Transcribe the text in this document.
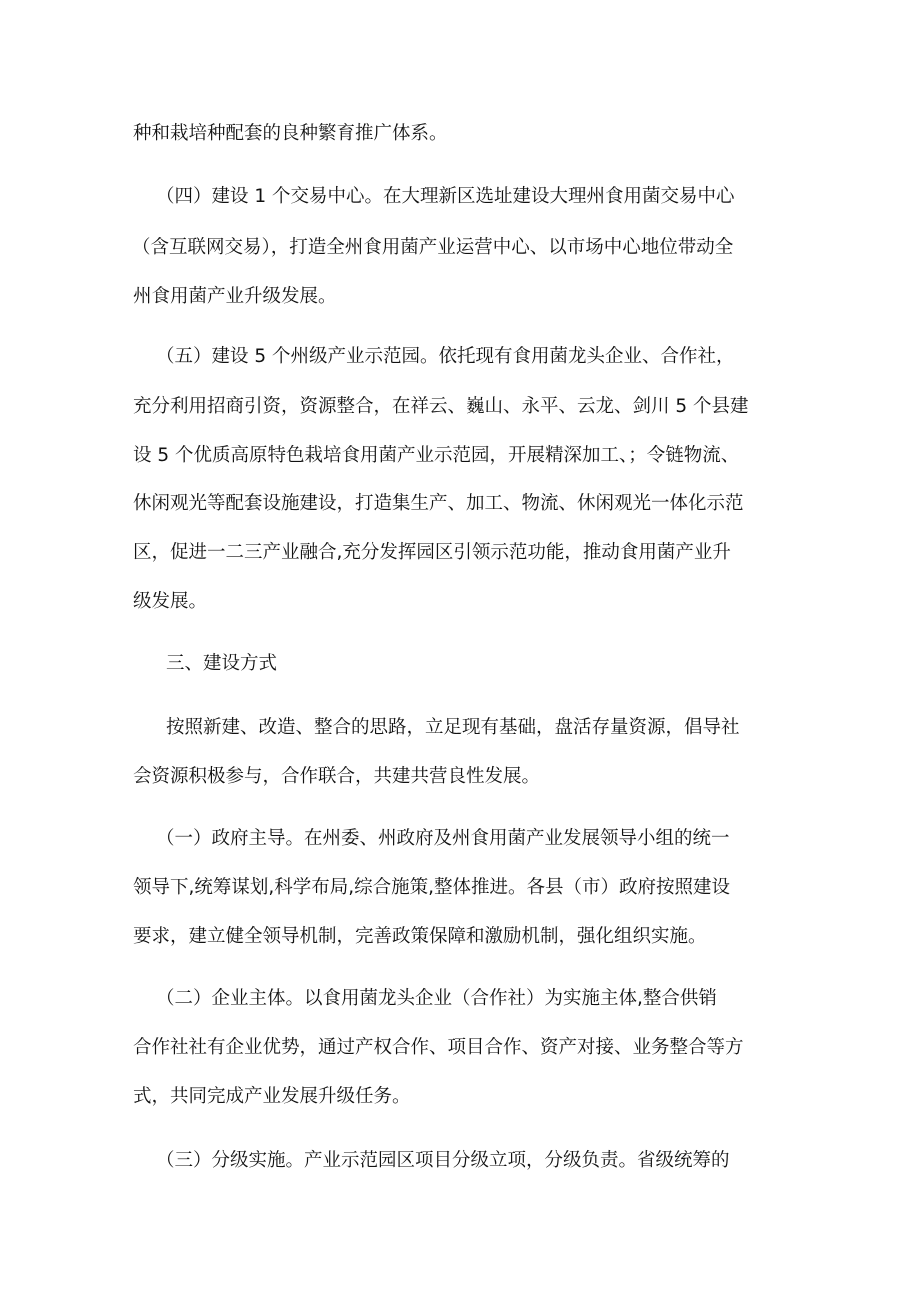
种和栽培种配套的良种繁育推广体系。
（四）建设 1 个交易中心。在大理新区选址建设大理州食用菌交易中心
（含互联网交易），打造全州食用菌产业运营中心、以市场中心地位带动全
州食用菌产业升级发展。
（五）建设 5 个州级产业示范园。依托现有食用菌龙头企业、合作社，
充分利用招商引资，资源整合，在祥云、巍山、永平、云龙、剑川 5 个县建
设 5 个优质高原特色栽培食用菌产业示范园，开展精深加工、；令链物流、
休闲观光等配套设施建设，打造集生产、加工、物流、休闲观光一体化示范
区，促进一二三产业融合,充分发挥园区引领示范功能，推动食用菌产业升
级发展。
三、建设方式
按照新建、改造、整合的思路，立足现有基础，盘活存量资源，倡导社
会资源积极参与，合作联合，共建共营良性发展。
（一）政府主导。在州委、州政府及州食用菌产业发展领导小组的统一
领导下,统筹谋划,科学布局,综合施策,整体推进。各县（市）政府按照建设
要求，建立健全领导机制，完善政策保障和激励机制，强化组织实施。
（二）企业主体。以食用菌龙头企业（合作社）为实施主体,整合供销
合作社社有企业优势，通过产权合作、项目合作、资产对接、业务整合等方
式，共同完成产业发展升级任务。
（三）分级实施。产业示范园区项目分级立项，分级负责。省级统筹的
